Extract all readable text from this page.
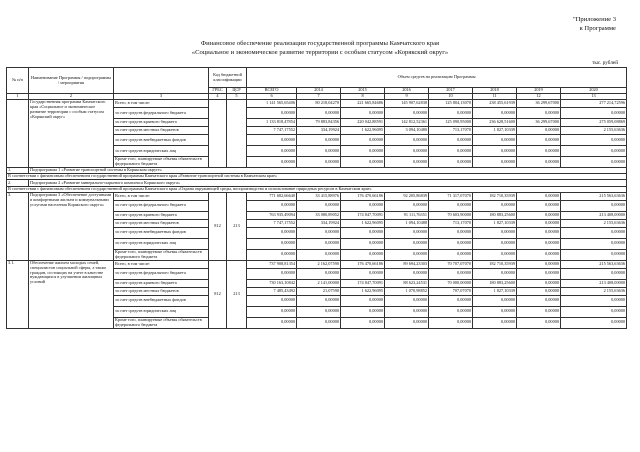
"Приложение 3
к Программе
Финансовое обеспечение реализации государственной программы Камчатского края
«Социальное и экономическое развитие территории с особым статусом «Корякский округ»
тыс. рублей
№ п/п	Наименование Программы / подпрограммы / мероприятия		Код бюджетной классификации		Объем средств на реализацию Программы							
			ГРБС	ЦСР	ВСЕГО	2014	2015	2016	2017	2018	2019	2020
1	2	3	4	5	6	7	8	9	10	11	12	13
	Государственная программа Камчатского края «Социальное и экономическое развитие территории с особым статусом «Корякский округ»	Всего, в том числе:			1 141 565,65406	80 218,04270	221 665,84686	145 907,62838	125 804,13070	238 455,61939	36 299,67000	277 214,72596
		за счет средств федерального бюджета			0,00000	0,00000	0,00000	0,00000	0,00000	0,00000	0,00000	0,00000
		за счет средств краевого бюджета			1 133 818,47854	79 883,84356	220 042,88591	142 812,52361	125 090,95000	236 628,51600	36 299,67000	275 059,08869
		за счет средств местных бюджетов			7 747,17552	334,19924	1 622,96095	3 094,10480	713,17070	1 827,10339	0,00000	2 155,63636
		за счет средств внебюджетных фондов			0,00000	0,00000	0,00000	0,00000	0,00000	0,00000	0,00000	0,00000
		за счет средств юридических лиц			0,00000	0,00000	0,00000	0,00000	0,00000	0,00000	0,00000	0,00000
		Кроме того, планируемые объемы обязательств федерального бюджета			0,00000	0,00000	0,00000	0,00000	0,00000	0,00000	0,00000	0,00000
1.	Подпрограмма 1 «Развитие транспортной системы в Корякском округе»											
В соответствии с финансовым обеспечением государственной программы Камчатского края «Развитие транспортной системы в Камчатском крае»												
2.	Подпрограмма 2 «Развитие минерально-сырьевого комплекса Корякского округа»											
В соответствии с финансовым обеспечением государственной программы Камчатского края «Охрана окружающей среды, воспроизводство и использование природных ресурсов в Камчатском крае»												
3.	Подпрограмма 3 «Обеспечение доступными и комфортными жильем и коммунальными услугами населения Корякского округа»	Всего, в том числе:	812	213	771 682,66640	33 415,88976	176 470,66186	92 205,86839	71 317,07070	182 710,35939	0,00000	215 563,63636
		за счет средств федерального бюджета			0,00000	0,00000	0,00000	0,00000	0,00000	0,00000	0,00000	0,00000
		за счет средств краевого бюджета			763 935,49094	33 080,89052	174 847,70091	91 111,76351	70 603,90000	180 883,25600	0,00000	213 408,00000
		за счет средств местных бюджетов			7 747,17552	334,19924	1 622,96095	1 094,10488	713,17070	1 827,10339	0,00000	2 155,63636
		за счет средств внебюджетных фондов			0,00000	0,00000	0,00000	0,00000	0,00000	0,00000	0,00000	0,00000
		за счет средств юридических лиц			0,00000	0,00000	0,00000	0,00000	0,00000	0,00000	0,00000	0,00000
		Кроме того, планируемые объемы обязательств федерального бюджета			0,00000	0,00000	0,00000	0,00000	0,00000	0,00000	0,00000	0,00000
3.1.	Обеспечение жильем молодых семей, специалистов социальной сферы, а также граждан, состоящих на учете в качестве нуждающихся в улучшении жилищных условий	Всего, в том числе:	812	213	737 908,81354	2 162,07590	176 470,66186	89 694,23303	70 707,07070	182 710,35939	0,00000	215 563,63636
		за счет средств федерального бюджета			0,00000	0,00000	0,00000	0,00000	0,00000	0,00000	0,00000	0,00000
		за счет средств краевого бюджета			730 163,10842	2 141,00000	174 847,70091	88 623,24531	70 000,00000	180 883,25600	0,00000	213 408,00000
		за счет средств местных бюджетов			7 485,43492	21,07590	1 622,96095	1 070,98852	707,07070	1 827,10339	0,00000	2 155,63636
		за счет средств внебюджетных фондов			0,00000	0,00000	0,00000	0,00000	0,00000	0,00000	0,00000	0,00000
		за счет средств юридических лиц			0,00000	0,00000	0,00000	0,00000	0,00000	0,00000	0,00000	0,00000
		Кроме того, планируемые объемы обязательств федерального бюджета			0,00000	0,00000	0,00000	0,00000	0,00000	0,00000	0,00000	0,00000
